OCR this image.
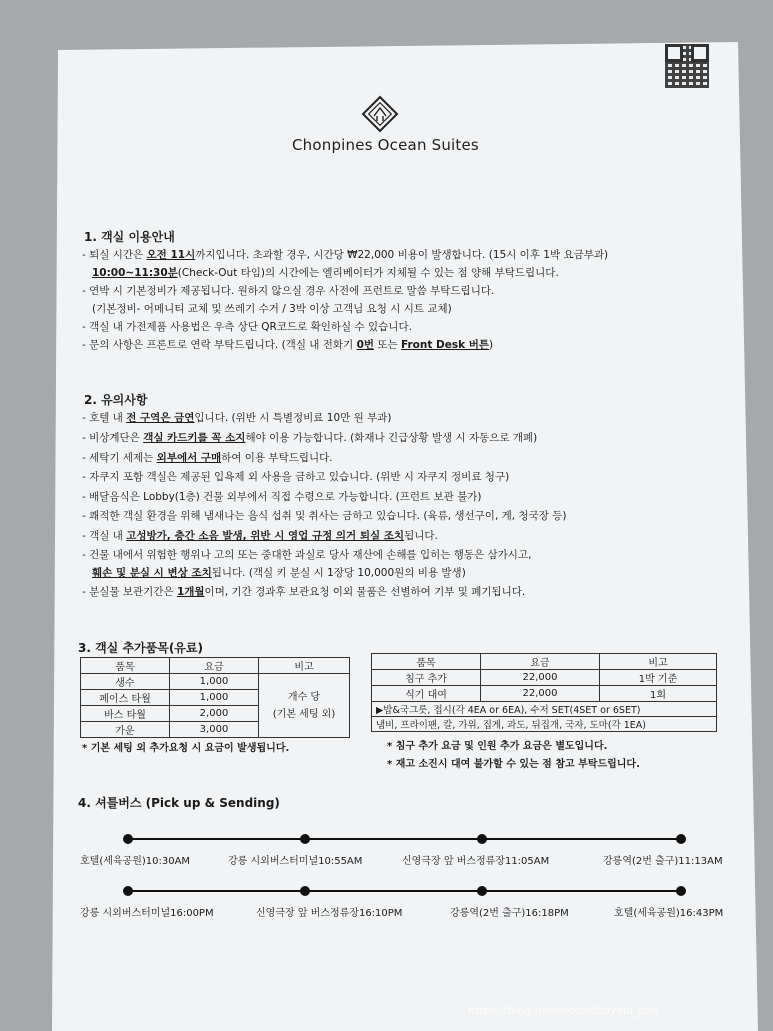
Chonpines Ocean Suites
1. 객실 이용안내
- 퇴실 시간은 오전 11시까지입니다. 초과할 경우, 시간당 ₩22,000 비용이 발생합니다. (15시 이후 1박 요금부과)
10:00~11:30분(Check-Out 타임)의 시간에는 엘리베이터가 지체될 수 있는 점 양해 부탁드립니다.
- 연박 시 기본정비가 제공됩니다. 원하지 않으실 경우 사전에 프런트로 말씀 부탁드립니다.
(기본정비- 어메니티 교체 및 쓰레기 수거 / 3박 이상 고객님 요청 시 시트 교체)
- 객실 내 가전제품 사용법은 우측 상단 QR코드로 확인하실 수 있습니다.
- 문의 사항은 프론트로 연락 부탁드립니다. (객실 내 전화기 0번 또는 Front Desk 버튼)
2. 유의사항
- 호텔 내 전 구역은 금연입니다. (위반 시 특별정비료 10만 원 부과)
- 비상계단은 객실 카드키를 꼭 소지해야 이용 가능합니다. (화재나 긴급상황 발생 시 자동으로 개폐)
- 세탁기 세제는 외부에서 구매하여 이용 부탁드립니다.
- 자쿠지 포함 객실은 제공된 입욕제 외 사용을 금하고 있습니다. (위반 시 자쿠지 정비료 청구)
- 배달음식은 Lobby(1층) 건물 외부에서 직접 수령으로 가능합니다. (프런트 보관 불가)
- 쾌적한 객실 환경을 위해 냄새나는 음식 섭취 및 취사는 금하고 있습니다. (육류, 생선구이, 게, 청국장 등)
- 객실 내 고성방가, 층간 소음 발생, 위반 시 영업 규정 의거 퇴실 조치됩니다.
- 건물 내에서 위험한 행위나 고의 또는 중대한 과실로 당사 재산에 손해를 입히는 행동은 삼가시고,
훼손 및 분실 시 변상 조치됩니다. (객실 키 분실 시 1장당 10,000원의 비용 발생)
- 분실물 보관기간은 1개월이며, 기간 경과후 보관요청 이외 물품은 선별하여 기부 및 폐기됩니다.
3. 객실 추가품목(유료)
품목	요금	비고
생수	1,000	개수 당
(기본 세팅 외)
페이스 타월	1,000	
바스 타월	2,000	
가운	3,000	
* 기본 세팅 외 추가요청 시 요금이 발생됩니다.
품목	요금	비고
침구 추가	22,000	1박 기준
식기 대여	22,000	1회
▶밥&국그릇, 접시(각 4EA or 6EA), 수저 SET(4SET or 6SET)		
냄비, 프라이팬, 칼, 가위, 집게, 과도, 뒤집개, 국자, 도마(각 1EA)		
* 침구 추가 요금 및 인원 추가 요금은 별도입니다.
* 재고 소진시 대여 불가할 수 있는 점 참고 부탁드립니다.
4. 셔틀버스 (Pick up & Sending)
호텔(세육공원)10:30AM	강릉 시외버스터미널10:55AM	신영극장 앞 버스정류장11:05AM	강릉역(2번 출구)11:13AM
강릉 시외버스터미널16:00PM	신영극장 앞 버스정류장16:10PM	강릉역(2번 출구)16:18PM	호텔(세육공원)16:43PM
https://blog.naver.com/bbyeol_one
